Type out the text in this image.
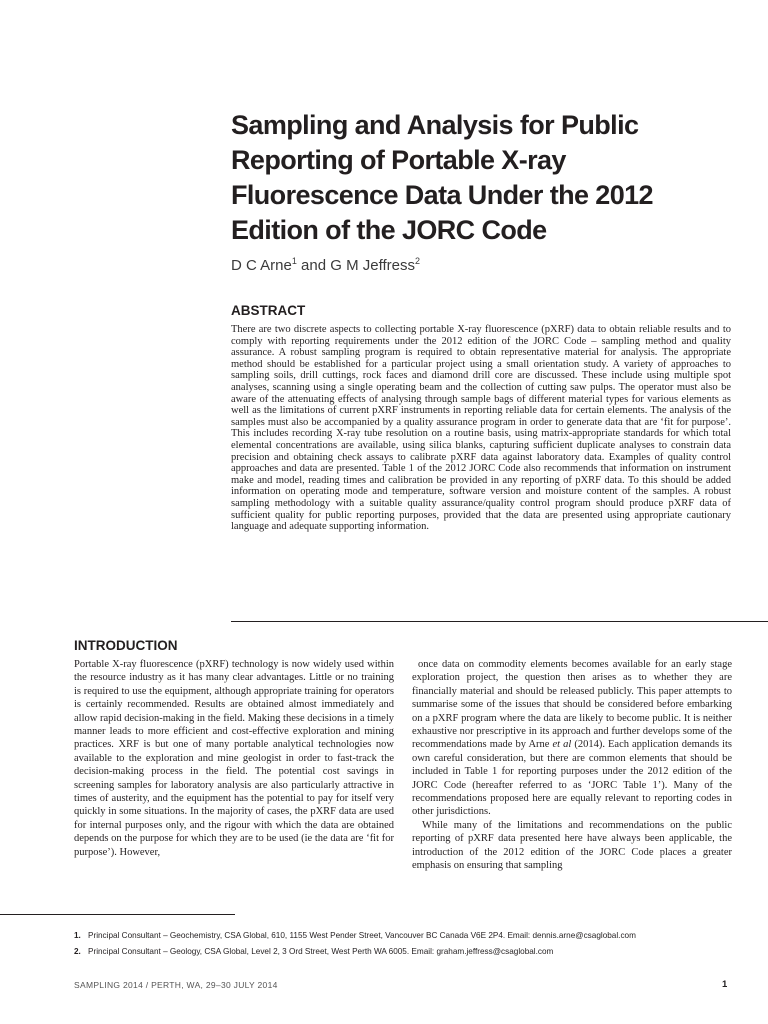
Sampling and Analysis for Public Reporting of Portable X-ray Fluorescence Data Under the 2012 Edition of the JORC Code
D C Arne$^1$ and G M Jeffress$^2$
ABSTRACT

There are two discrete aspects to collecting portable X-ray fluorescence (pXRF) data to obtain reliable results and to comply with reporting requirements under the 2012 edition of the JORC Code – sampling method and quality assurance. A robust sampling program is required to obtain representative material for analysis. The appropriate method should be established for a particular project using a small orientation study. A variety of approaches to sampling soils, drill cuttings, rock faces and diamond drill core are discussed. These include using multiple spot analyses, scanning using a single operating beam and the collection of cutting saw pulps. The operator must also be aware of the attenuating effects of analysing through sample bags of different material types for various elements as well as the limitations of current pXRF instruments in reporting reliable data for certain elements. The analysis of the samples must also be accompanied by a quality assurance program in order to generate data that are ‘fit for purpose’. This includes recording X-ray tube resolution on a routine basis, using matrix-appropriate standards for which total elemental concentrations are available, using silica blanks, capturing sufficient duplicate analyses to constrain data precision and obtaining check assays to calibrate pXRF data against laboratory data. Examples of quality control approaches and data are presented. Table 1 of the 2012 JORC Code also recommends that information on instrument make and model, reading times and calibration be provided in any reporting of pXRF data. To this should be added information on operating mode and temperature, software version and moisture content of the samples. A robust sampling methodology with a suitable quality assurance/quality control program should produce pXRF data of sufficient quality for public reporting purposes, provided that the data are presented using appropriate cautionary language and adequate supporting information.

INTRODUCTION

Portable X-ray fluorescence (pXRF) technology is now widely used within the resource industry as it has many clear advantages. Little or no training is required to use the equipment, although appropriate training for operators is certainly recommended. Results are obtained almost immediately and allow rapid decision-making in the field. Making these decisions in a timely manner leads to more efficient and cost-effective exploration and mining practices. XRF is but one of many portable analytical technologies now available to the exploration and mine geologist in order to fast-track the decision-making process in the field. The potential cost savings in screening samples for laboratory analysis are also particularly attractive in times of austerity, and the equipment has the potential to pay for itself very quickly in some situations. In the majority of cases, the pXRF data are used for internal purposes only, and the rigour with which the data are obtained depends on the purpose for which they are to be used (ie the data are ‘fit for purpose’). However,

once data on commodity elements becomes available for an early stage exploration project, the question then arises as to whether they are financially material and should be released publicly. This paper attempts to summarise some of the issues that should be considered before embarking on a pXRF program where the data are likely to become public. It is neither exhaustive nor prescriptive in its approach and further develops some of the recommendations made by Arne et al (2014). Each application demands its own careful consideration, but there are common elements that should be included in Table 1 for reporting purposes under the 2012 edition of the JORC Code (hereafter referred to as ‘JORC Table 1’). Many of the recommendations proposed here are equally relevant to reporting codes in other jurisdictions.

While many of the limitations and recommendations on the public reporting of pXRF data presented here have always been applicable, the introduction of the 2012 edition of the JORC Code places a greater emphasis on ensuring that sampling

1. Principal Consultant – Geochemistry, CSA Global, 610, 1155 West Pender Street, Vancouver BC Canada V6E 2P4. Email: dennis.arne@csaglobal.com
2. Principal Consultant – Geology, CSA Global, Level 2, 3 Ord Street, West Perth WA 6005. Email: graham.jeffress@csaglobal.com
SAMPLING 2014 / PERTH, WA, 29–30 JULY 2014	1
